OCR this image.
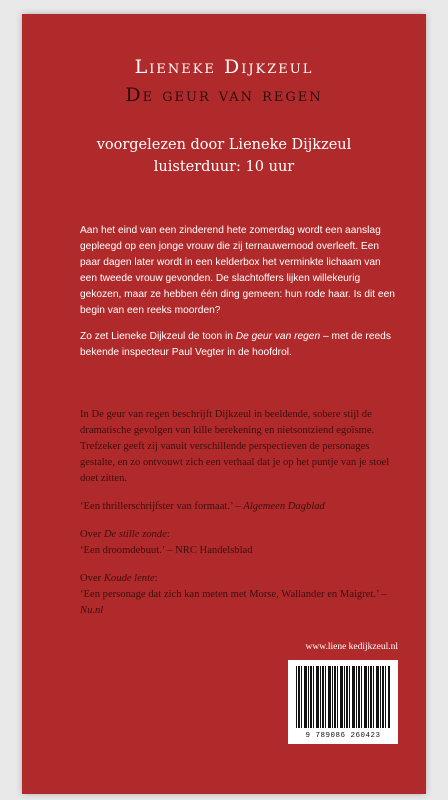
Lieneke Dijkzeul
De geur van regen
voorgelezen door Lieneke Dijkzeul
luisterduur: 10 uur

Aan het eind van een zinderend hete zomerdag wordt een aanslag gepleegd op een jonge vrouw die zij ternauwernood overleeft. Een paar dagen later wordt in een kelderbox het verminkte lichaam van een tweede vrouw gevonden. De slachtoffers lijken willekeurig gekozen, maar ze hebben één ding gemeen: hun rode haar. Is dit een begin van een reeks moorden?

Zo zet Lieneke Dijkzeul de toon in De geur van regen – met de reeds bekende inspecteur Paul Vegter in de hoofdrol.

In De geur van regen beschrijft Dijkzeul in beeldende, sobere stijl de dramatische gevolgen van kille berekening en nietsontziend egoïsme. Trefzeker geeft zij vanuit verschillende perspectieven de personages gestalte, en zo ontvouwt zich een verhaal dat je op het puntje van je stoel doet zitten.

‘Een thrillerschrijfster van formaat.’ – Algemeen Dagblad

Over De stille zonde:
‘Een droomdebuut.’ – NRC Handelsblad

Over Koude lente:
‘Een personage dat zich kan meten met Morse, Wallander en Maigret.’ – Nu.nl

www.liene kedijkzeul.nl
9 789086 260423
